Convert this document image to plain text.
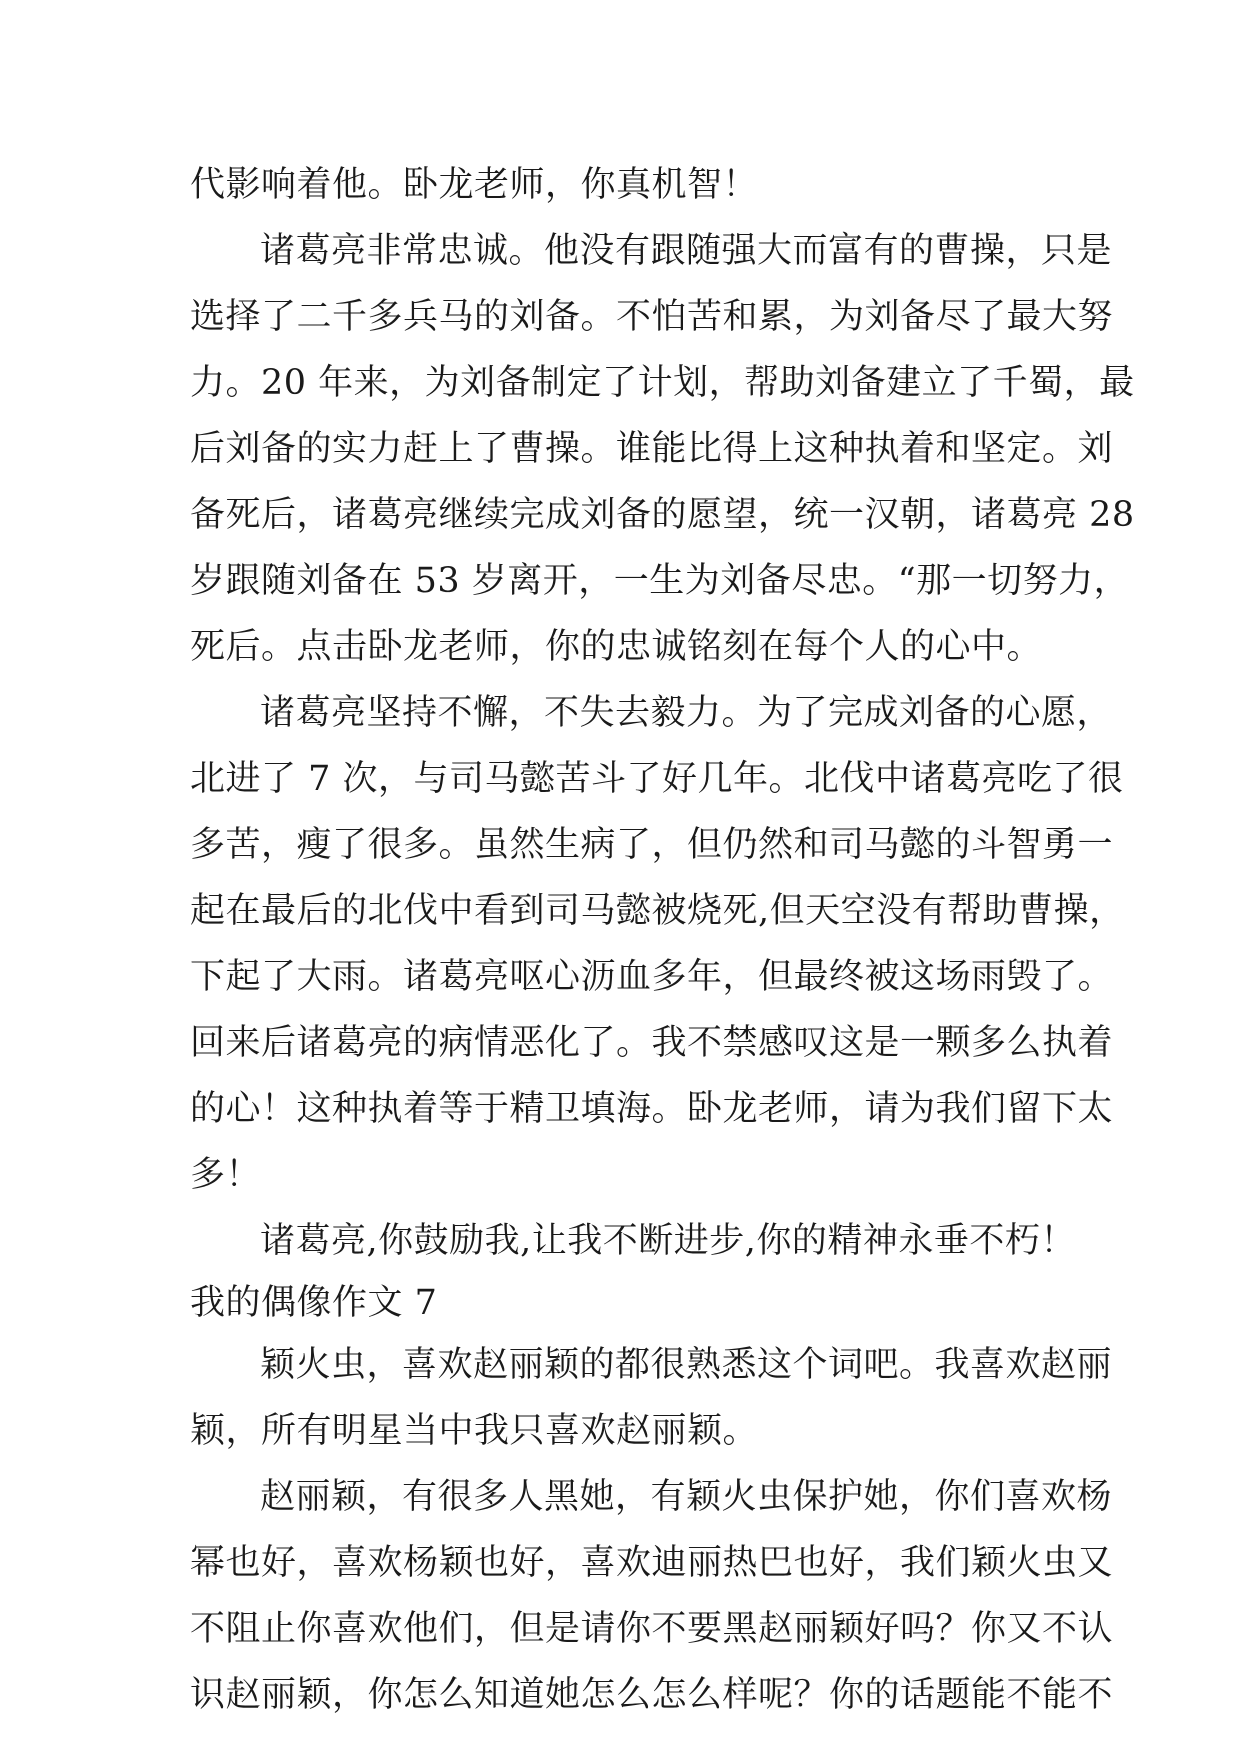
代影响着他。卧龙老师，你真机智！
诸葛亮非常忠诚。他没有跟随强大而富有的曹操，只是
选择了二千多兵马的刘备。不怕苦和累，为刘备尽了最大努
力。20 年来，为刘备制定了计划，帮助刘备建立了千蜀，最
后刘备的实力赶上了曹操。谁能比得上这种执着和坚定。刘
备死后，诸葛亮继续完成刘备的愿望，统一汉朝，诸葛亮 28
岁跟随刘备在 53 岁离开，一生为刘备尽忠。“那一切努力，
死后。点击卧龙老师，你的忠诚铭刻在每个人的心中。
诸葛亮坚持不懈，不失去毅力。为了完成刘备的心愿，
北进了 7 次，与司马懿苦斗了好几年。北伐中诸葛亮吃了很
多苦，瘦了很多。虽然生病了，但仍然和司马懿的斗智勇一
起在最后的北伐中看到司马懿被烧死,但天空没有帮助曹操，
下起了大雨。诸葛亮呕心沥血多年，但最终被这场雨毁了。
回来后诸葛亮的病情恶化了。我不禁感叹这是一颗多么执着
的心！这种执着等于精卫填海。卧龙老师，请为我们留下太
多！
诸葛亮,你鼓励我,让我不断进步,你的精神永垂不朽！
我的偶像作文 7
颖火虫，喜欢赵丽颖的都很熟悉这个词吧。我喜欢赵丽
颖，所有明星当中我只喜欢赵丽颖。
赵丽颖，有很多人黑她，有颖火虫保护她，你们喜欢杨
幂也好，喜欢杨颖也好，喜欢迪丽热巴也好，我们颖火虫又
不阻止你喜欢他们，但是请你不要黑赵丽颖好吗？你又不认
识赵丽颖，你怎么知道她怎么怎么样呢？你的话题能不能不
